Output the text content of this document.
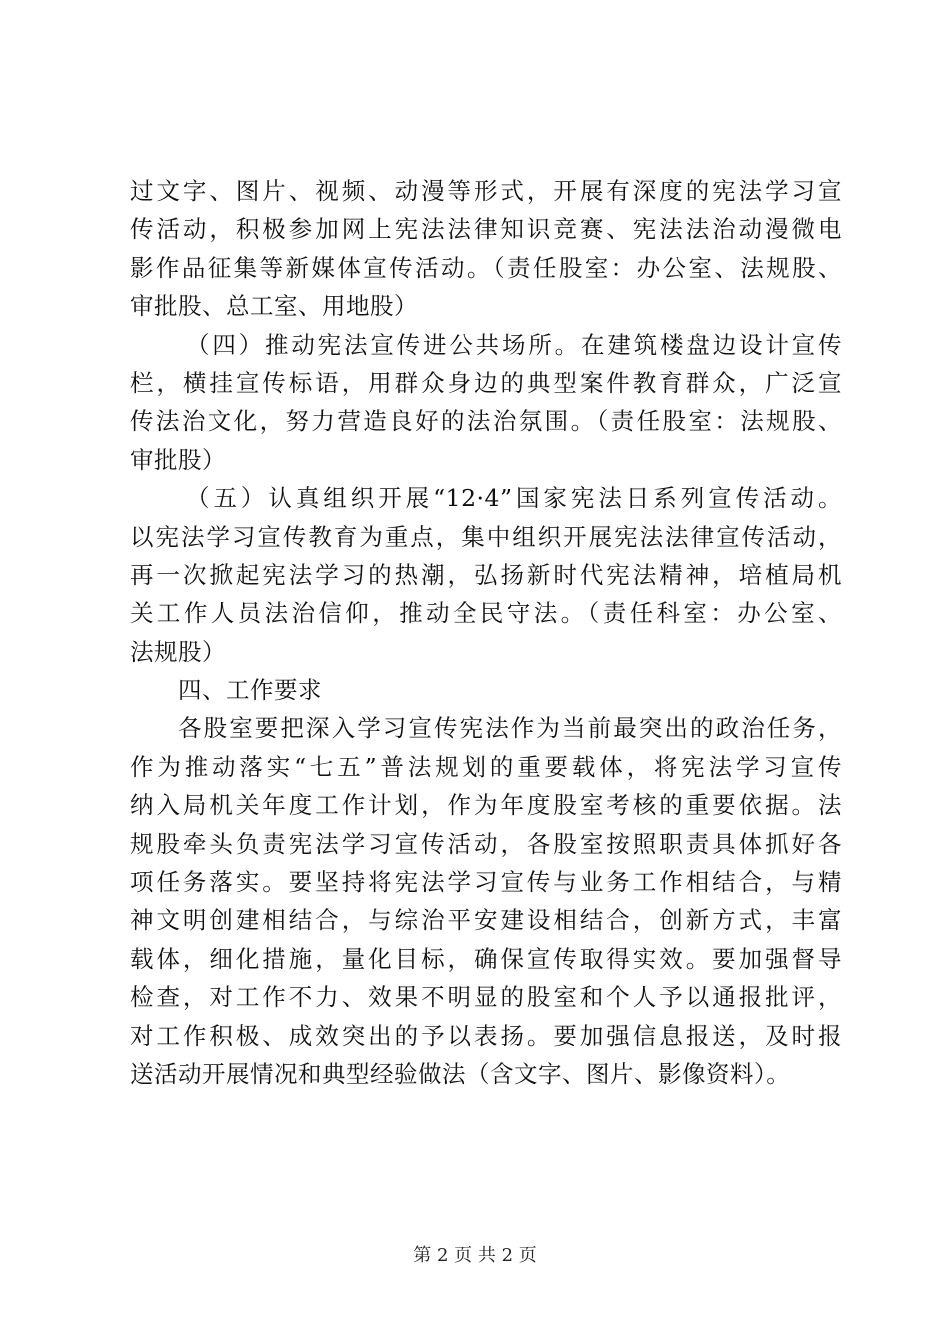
过文字、图片、视频、动漫等形式，开展有深度的宪法学习宣
传活动，积极参加网上宪法法律知识竞赛、宪法法治动漫微电
影作品征集等新媒体宣传活动。（责任股室：办公室、法规股、
审批股、总工室、用地股）
（四）推动宪法宣传进公共场所。在建筑楼盘边设计宣传
栏，横挂宣传标语，用群众身边的典型案件教育群众，广泛宣
传法治文化，努力营造良好的法治氛围。（责任股室：法规股、
审批股）
（五）认真组织开展“12·4”国家宪法日系列宣传活动。
以宪法学习宣传教育为重点，集中组织开展宪法法律宣传活动，
再一次掀起宪法学习的热潮，弘扬新时代宪法精神，培植局机
关工作人员法治信仰，推动全民守法。（责任科室：办公室、
法规股）
四、工作要求
各股室要把深入学习宣传宪法作为当前最突出的政治任务，
作为推动落实“七五”普法规划的重要载体，将宪法学习宣传
纳入局机关年度工作计划，作为年度股室考核的重要依据。法
规股牵头负责宪法学习宣传活动，各股室按照职责具体抓好各
项任务落实。要坚持将宪法学习宣传与业务工作相结合，与精
神文明创建相结合，与综治平安建设相结合，创新方式，丰富
载体，细化措施，量化目标，确保宣传取得实效。要加强督导
检查，对工作不力、效果不明显的股室和个人予以通报批评，
对工作积极、成效突出的予以表扬。要加强信息报送，及时报
送活动开展情况和典型经验做法（含文字、图片、影像资料）。
第 2 页 共 2 页
